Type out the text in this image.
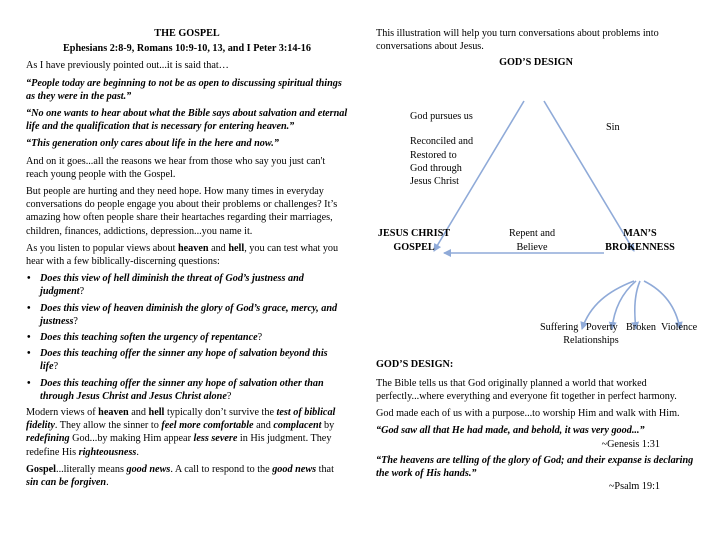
THE GOSPEL
Ephesians 2:8-9, Romans 10:9-10, 13, and I Peter 3:14-16

As I have previously pointed out...it is said that…

“People today are beginning to not be as open to discussing spiritual things as they were in the past.”

“No one wants to hear about what the Bible says about salvation and eternal life and the qualification that is necessary for entering heaven.”

“This generation only cares about life in the here and now.”

And on it goes...all the reasons we hear from those who say you just can't reach young people with the Gospel.

But people are hurting and they need hope. How many times in everyday conversations do people engage you about their problems or challenges? It’s amazing how often people share their heartaches regarding their marriages, children, finances, addictions, depression...you name it.

As you listen to popular views about heaven and hell, you can test what you hear with a few biblically-discerning questions:

• Does this view of hell diminish the threat of God’s justness and judgment?
• Does this view of heaven diminish the glory of God’s grace, mercy, and justness?
• Does this teaching soften the urgency of repentance?
• Does this teaching offer the sinner any hope of salvation beyond this life?
• Does this teaching offer the sinner any hope of salvation other than through Jesus Christ and Jesus Christ alone?

Modern views of heaven and hell typically don’t survive the test of biblical fidelity. They allow the sinner to feel more comfortable and complacent by redefining God...by making Him appear less severe in His judgment. They redefine His righteousness.

Gospel...literally means good news. A call to respond to the good news that sin can be forgiven.

This illustration will help you turn conversations about problems into conversations about Jesus.

GOD’S DESIGN
God pursues us
Reconciled and
Restored to
God through
Jesus Christ
Sin
JESUS CHRIST
GOSPEL
Repent and
Believe
MAN’S
BROKENNESS
Suffering Poverty Broken Violence
Relationships

GOD’S DESIGN:

The Bible tells us that God originally planned a world that worked perfectly...where everything and everyone fit together in perfect harmony.

God made each of us with a purpose...to worship Him and walk with Him.

“God saw all that He had made, and behold, it was very good...”

~Genesis 1:31

“The heavens are telling of the glory of God; and their expanse is declaring the work of His hands.”

~Psalm 19:1
